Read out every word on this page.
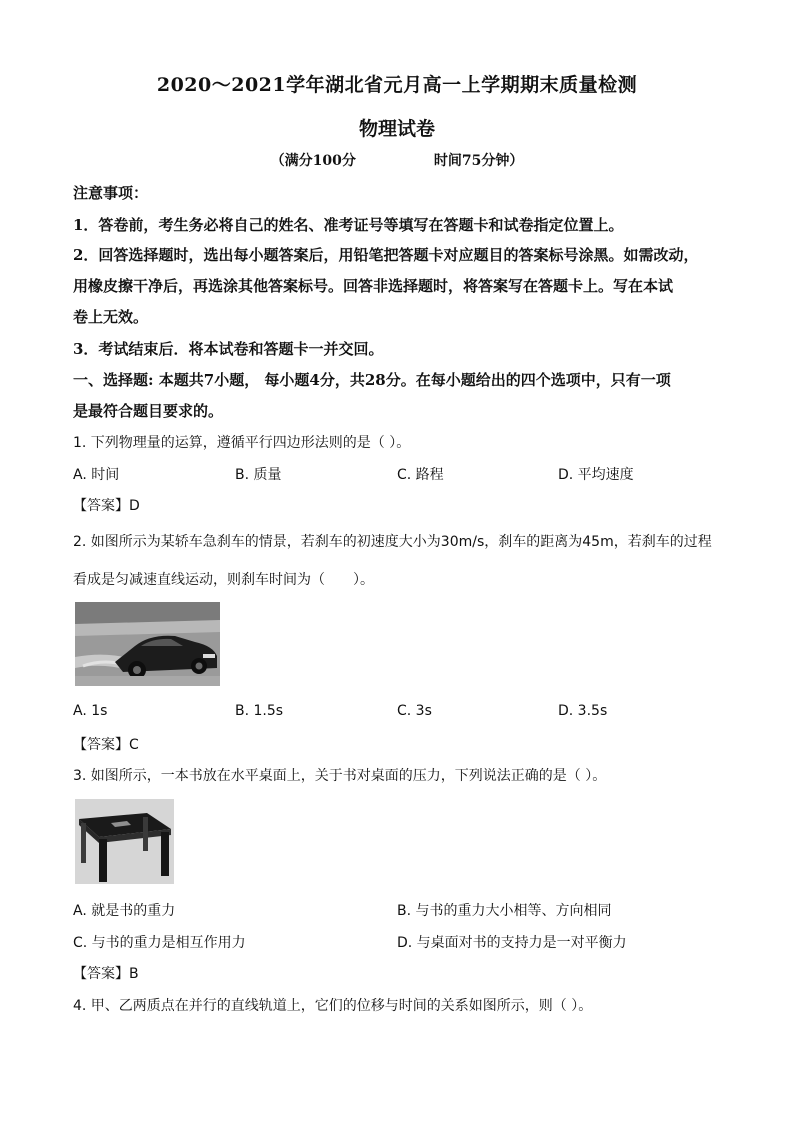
2020～2021学年湖北省元月高一上学期期末质量检测
物理试卷
（满分100分	时间75分钟）
注意事项：
1．答卷前，考生务必将自己的姓名、准考证号等填写在答题卡和试卷指定位置上。
2．回答选择题时，选出每小题答案后，用铅笔把答题卡对应题目的答案标号涂黑。如需改动，
用橡皮擦干净后，再选涂其他答案标号。回答非选择题时，将答案写在答题卡上。写在本试
卷上无效。
3．考试结束后．将本试卷和答题卡一并交回。
一、选择题: 本题共7小题， 每小题4分，共28分。在每小题给出的四个选项中，只有一项
是最符合题目要求的。
1. 下列物理量的运算，遵循平行四边形法则的是（ ）。
A. 时间	B. 质量	C. 路程	D. 平均速度
【答案】D
2. 如图所示为某轿车急刹车的情景，若刹车的初速度大小为30m/s，刹车的距离为45m，若刹车的过程
看成是匀减速直线运动，则刹车时间为（　　）。
A. 1s	B. 1.5s	C. 3s	D. 3.5s
【答案】C
3. 如图所示，一本书放在水平桌面上，关于书对桌面的压力，下列说法正确的是（ ）。
A. 就是书的重力	B. 与书的重力大小相等、方向相同
C. 与书的重力是相互作用力	D. 与桌面对书的支持力是一对平衡力
【答案】B
4. 甲、乙两质点在并行的直线轨道上，它们的位移与时间的关系如图所示，则（ ）。
